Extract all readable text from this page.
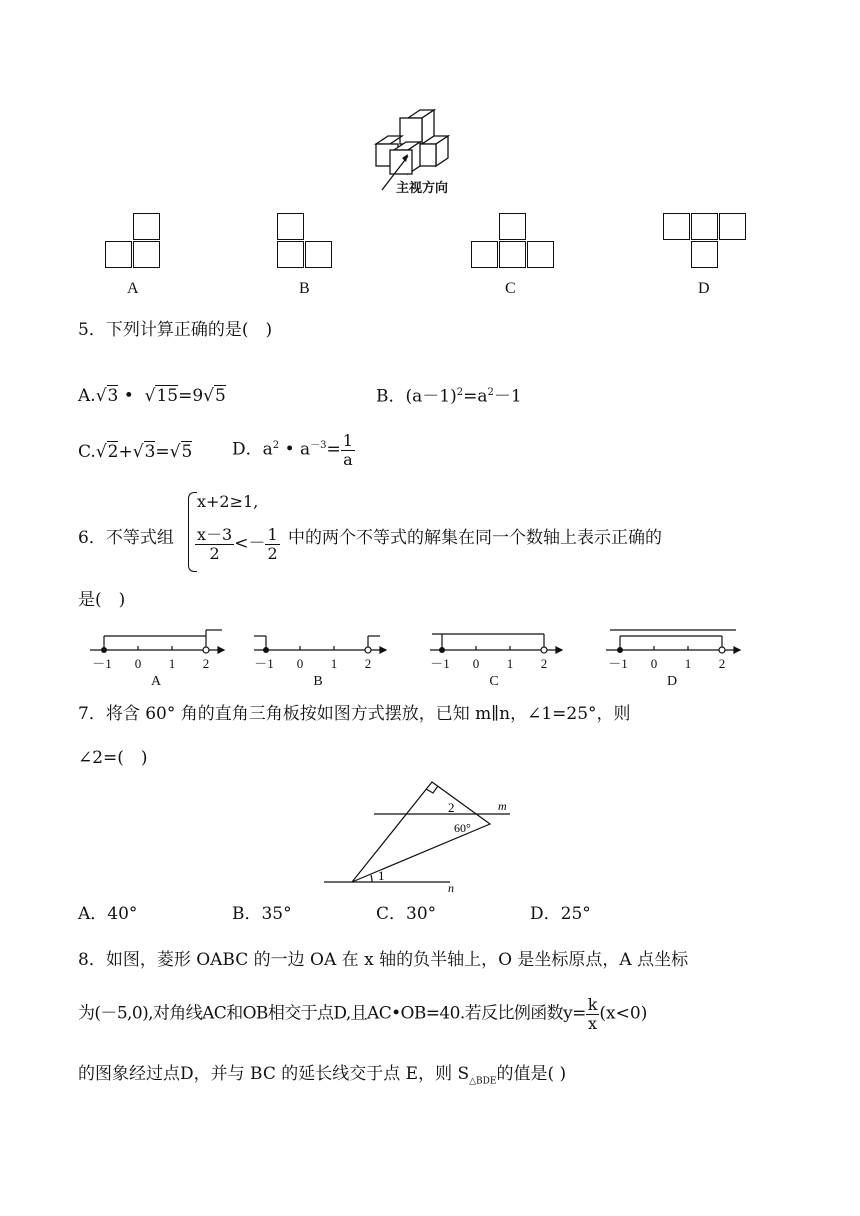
主视方向
A	B	C	D
5．下列计算正确的是(　)
A.√3 • √15=9√5	B．$(a-1)^2=a^2-1$
C.√2+√3=√5 D．$a^2$ • $a^{-3}= \frac{1}{a}$
6．不等式组
x+2≥1,
$\frac{x-3}{2} <- \frac{1}{2}$ 中的两个不等式的解集在同一个数轴上表示正确的
是(　)
－1 0 1 2	－1 0 1 2	－1 0 1 2	－1 0 1 2
A	B	C	D
7．将含 60° 角的直角三角板按如图方式摆放，已知 m∥n，∠1=25°，则
∠2=(　)
m
n
2
60°
1
A．40°	B．35°	C．30°	D．25°
8．如图，菱形 OABC 的一边 OA 在 x 轴的负半轴上，O 是坐标原点，A 点坐标
为(－5,0),对角线AC和OB相交于点D,且AC•OB=40.若反比例函数$y= \frac{k}{x} (x<0)$
的图象经过点D，并与 BC 的延长线交于点 E，则 $S_{\triangle BDE}$的值是( )
